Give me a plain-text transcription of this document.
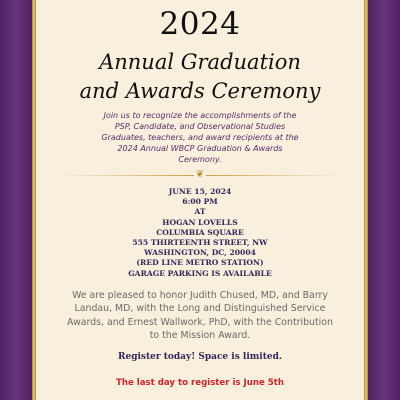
2024
Annual Graduation
and Awards Ceremony
Join us to recognize the accomplishments of the
PSP, Candidate, and Observational Studies
Graduates, teachers, and award recipients at the
2024 Annual WBCP Graduation & Awards
Ceremony.
❦
JUNE 15, 2024
6:00 PM
AT
HOGAN LOVELLS
COLUMBIA SQUARE
555 THIRTEENTH STREET, NW
WASHINGTON, DC, 20004
(RED LINE METRO STATION)
GARAGE PARKING IS AVAILABLE
We are pleased to honor Judith Chused, MD, and Barry
Landau, MD, with the Long and Distinguished Service
Awards, and Ernest Wallwork, PhD, with the Contribution
to the Mission Award.
Register today! Space is limited.
The last day to register is June 5th
